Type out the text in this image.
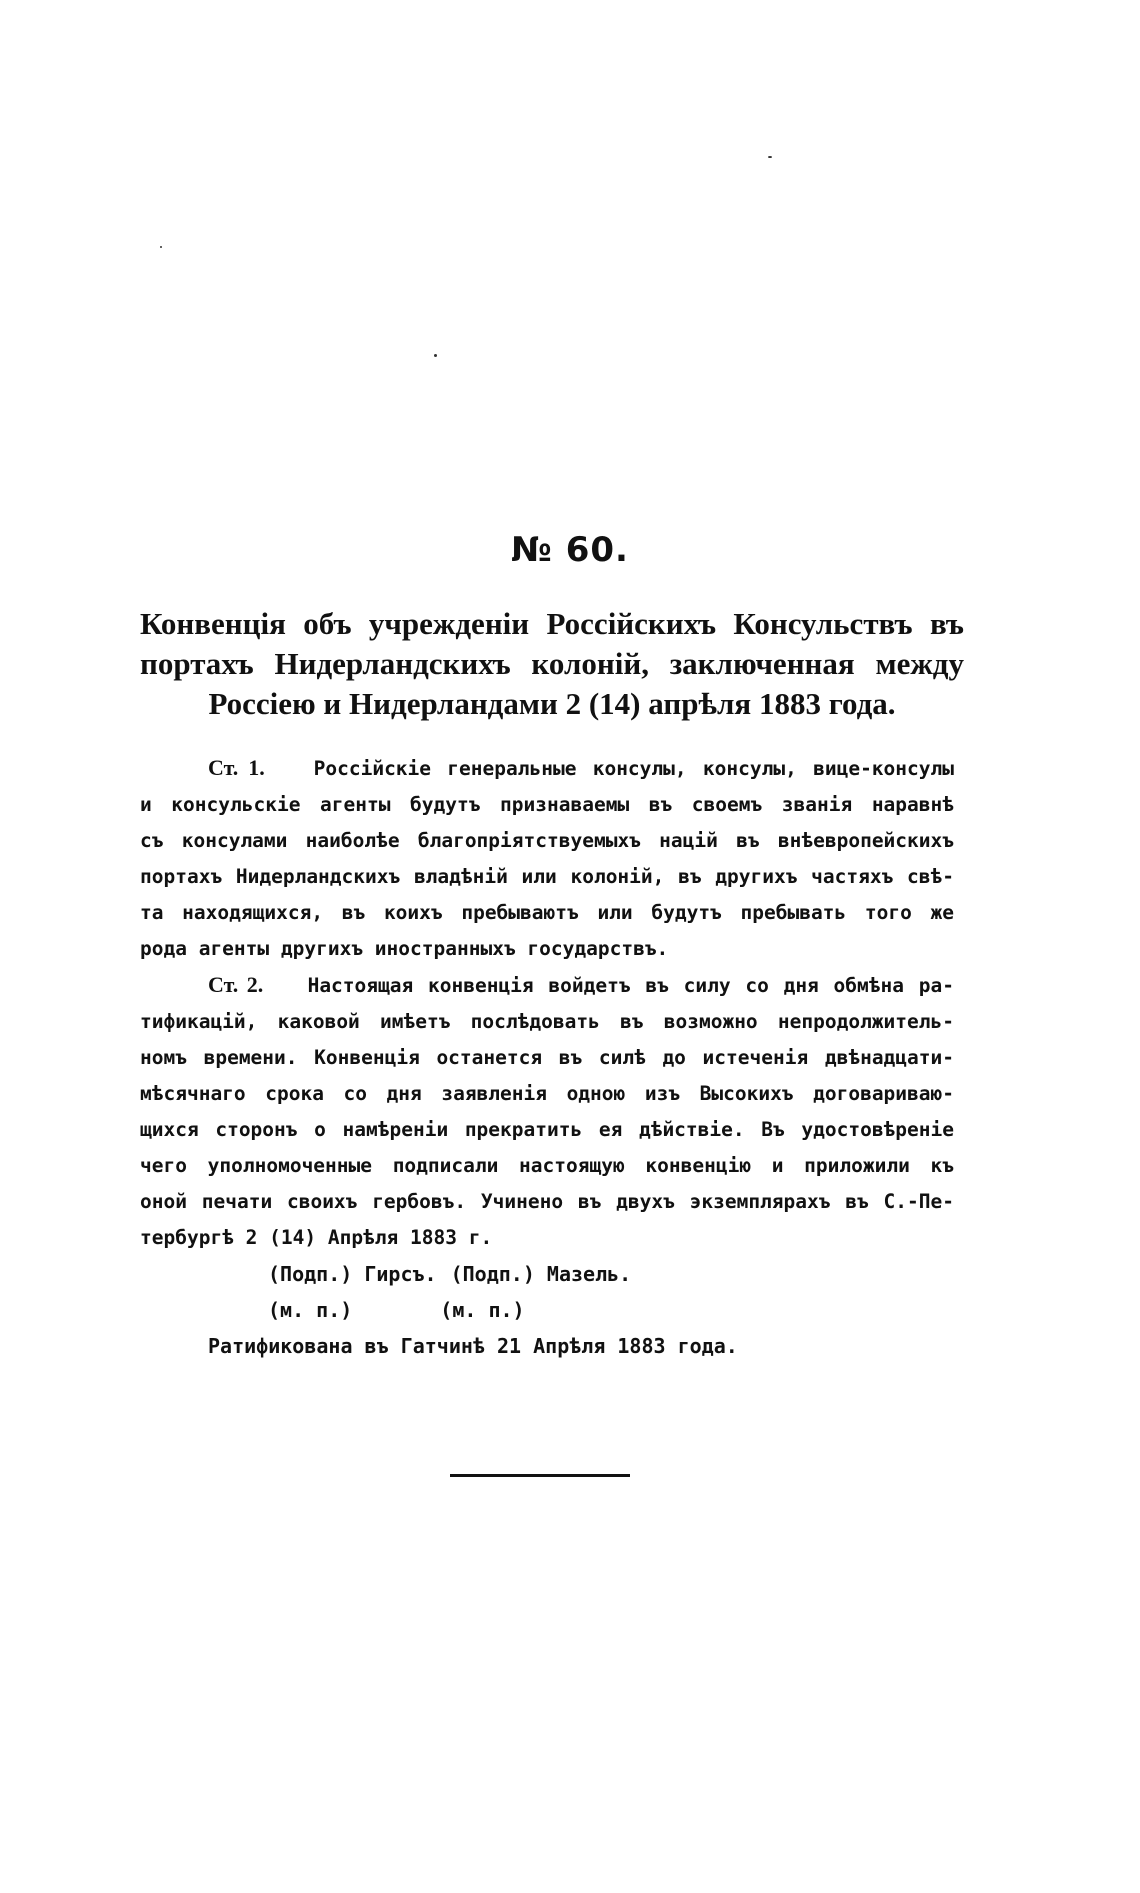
№ 60.
Конвенція объ учрежденіи Россійскихъ Консульствъ въ
портахъ Нидерландскихъ колоній, заключенная между
Россіею и Нидерландами 2 (14) апрѣля 1883 года.
Ст. 1.	Россійскіе генеральные консулы, консулы, вице-консулы
и консульскіе агенты будутъ признаваемы въ своемъ званія наравнѣ
съ консулами наиболѣе благопріятствуемыхъ націй въ внѣевропейскихъ
портахъ Нидерландскихъ владѣній или колоній, въ другихъ частяхъ свѣ-
та находящихся, въ коихъ пребываютъ или будутъ пребывать того же
рода агенты другихъ иностранныхъ государствъ.
Ст. 2. Настоящая конвенція войдетъ въ силу со дня обмѣна ра-
тификацій, каковой имѣетъ послѣдовать въ возможно непродолжитель-
номъ времени. Конвенція останется въ силѣ до истеченія двѣнадцати-
мѣсячнаго срока со дня заявленія одною изъ Высокихъ договариваю-
щихся сторонъ о намѣреніи прекратить ея дѣйствіе. Въ удостовѣреніе
чего уполномоченные подписали настоящую конвенцію и приложили къ
оной печати своихъ гербовъ. Учинено въ двухъ экземплярахъ въ С.-Пе-
тербургѣ 2 (14) Апрѣля 1883 г.
(Подп.) Гирсъ. (Подп.) Мазель.
(м. п.)	(м. п.)
Ратификована въ Гатчинѣ 21 Апрѣля 1883 года.
